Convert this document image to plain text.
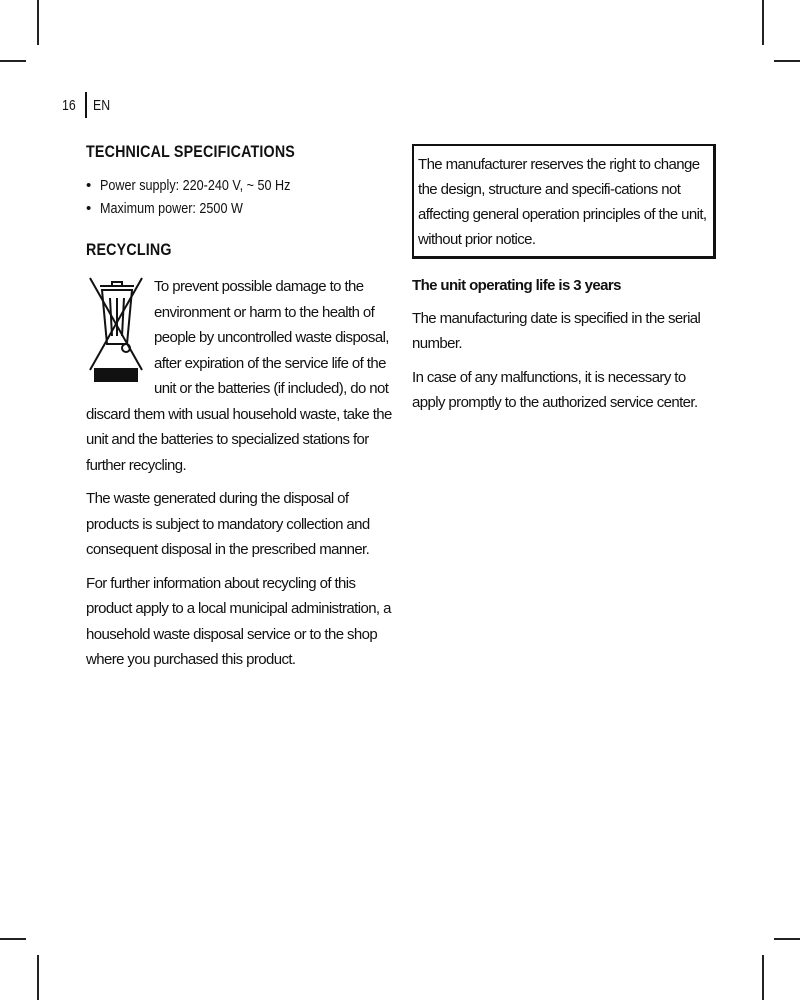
16 EN
TECHNICAL SPECIFICATIONS
• Power supply: 220-240 V, ~ 50 Hz
• Maximum power: 2500 W
RECYCLING

To prevent possible damage to the environment or harm to the health of people by uncontrolled waste disposal, after expiration of the service life of the unit or the batteries (if included), do not discard them with usual household waste, take the unit and the batteries to specialized stations for further recycling.

The waste generated during the disposal of products is subject to mandatory collection and consequent disposal in the prescribed manner.

For further information about recycling of this product apply to a local municipal administration, a household waste disposal service or to the shop where you purchased this product.

The manufacturer reserves the right to change the design, structure and specifi-cations not affecting general operation principles of the unit, without prior notice.

The unit operating life is 3 years

The manufacturing date is specified in the serial number.

In case of any malfunctions, it is necessary to apply promptly to the authorized service center.
